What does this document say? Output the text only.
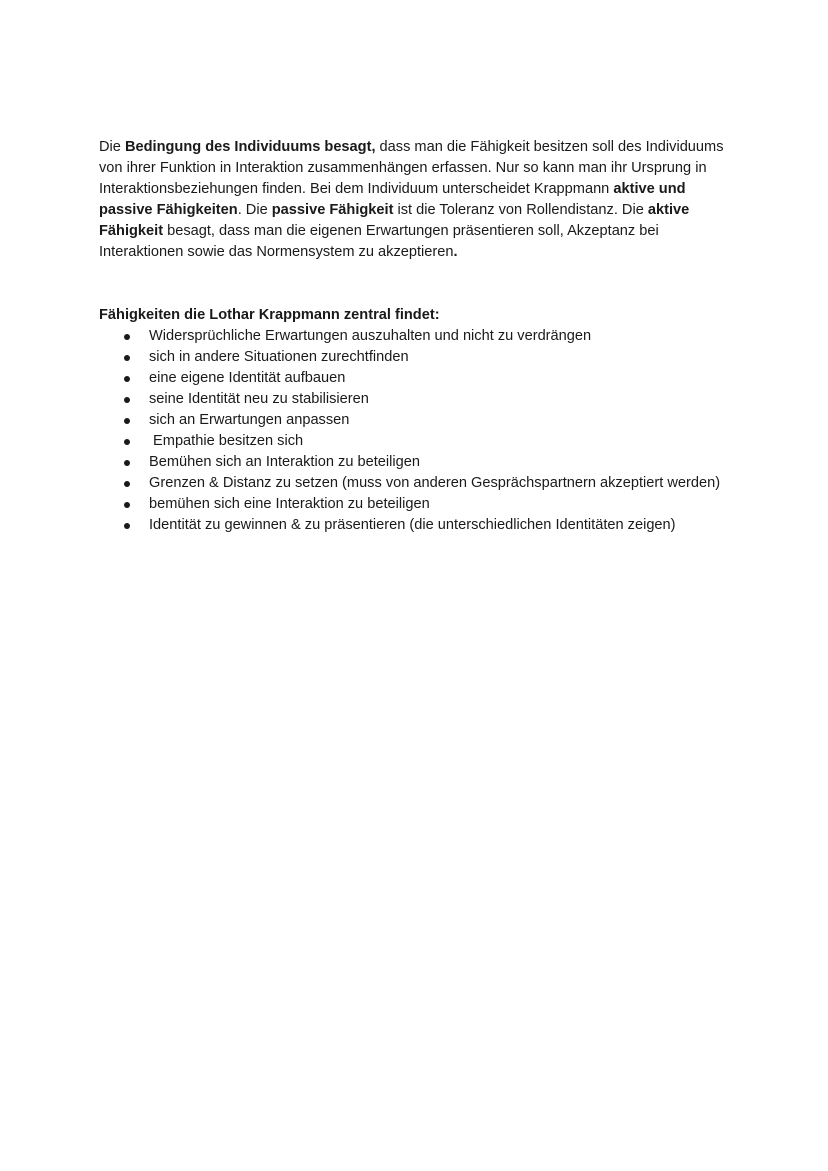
Die Bedingung des Individuums besagt, dass man die Fähigkeit besitzen soll des Individuums von ihrer Funktion in Interaktion zusammenhängen erfassen. Nur so kann man ihr Ursprung in Interaktionsbeziehungen finden. Bei dem Individuum unterscheidet Krappmann aktive und passive Fähigkeiten. Die passive Fähigkeit ist die Toleranz von Rollendistanz. Die aktive Fähigkeit besagt, dass man die eigenen Erwartungen präsentieren soll, Akzeptanz bei Interaktionen sowie das Normensystem zu akzeptieren.

Fähigkeiten die Lothar Krappmann zentral findet:

Widersprüchliche Erwartungen auszuhalten und nicht zu verdrängen
sich in andere Situationen zurechtfinden
eine eigene Identität aufbauen
seine Identität neu zu stabilisieren
sich an Erwartungen anpassen
Empathie besitzen sich
Bemühen sich an Interaktion zu beteiligen
Grenzen & Distanz zu setzen (muss von anderen Gesprächspartnern akzeptiert werden)
bemühen sich eine Interaktion zu beteiligen
Identität zu gewinnen & zu präsentieren (die unterschiedlichen Identitäten zeigen)
